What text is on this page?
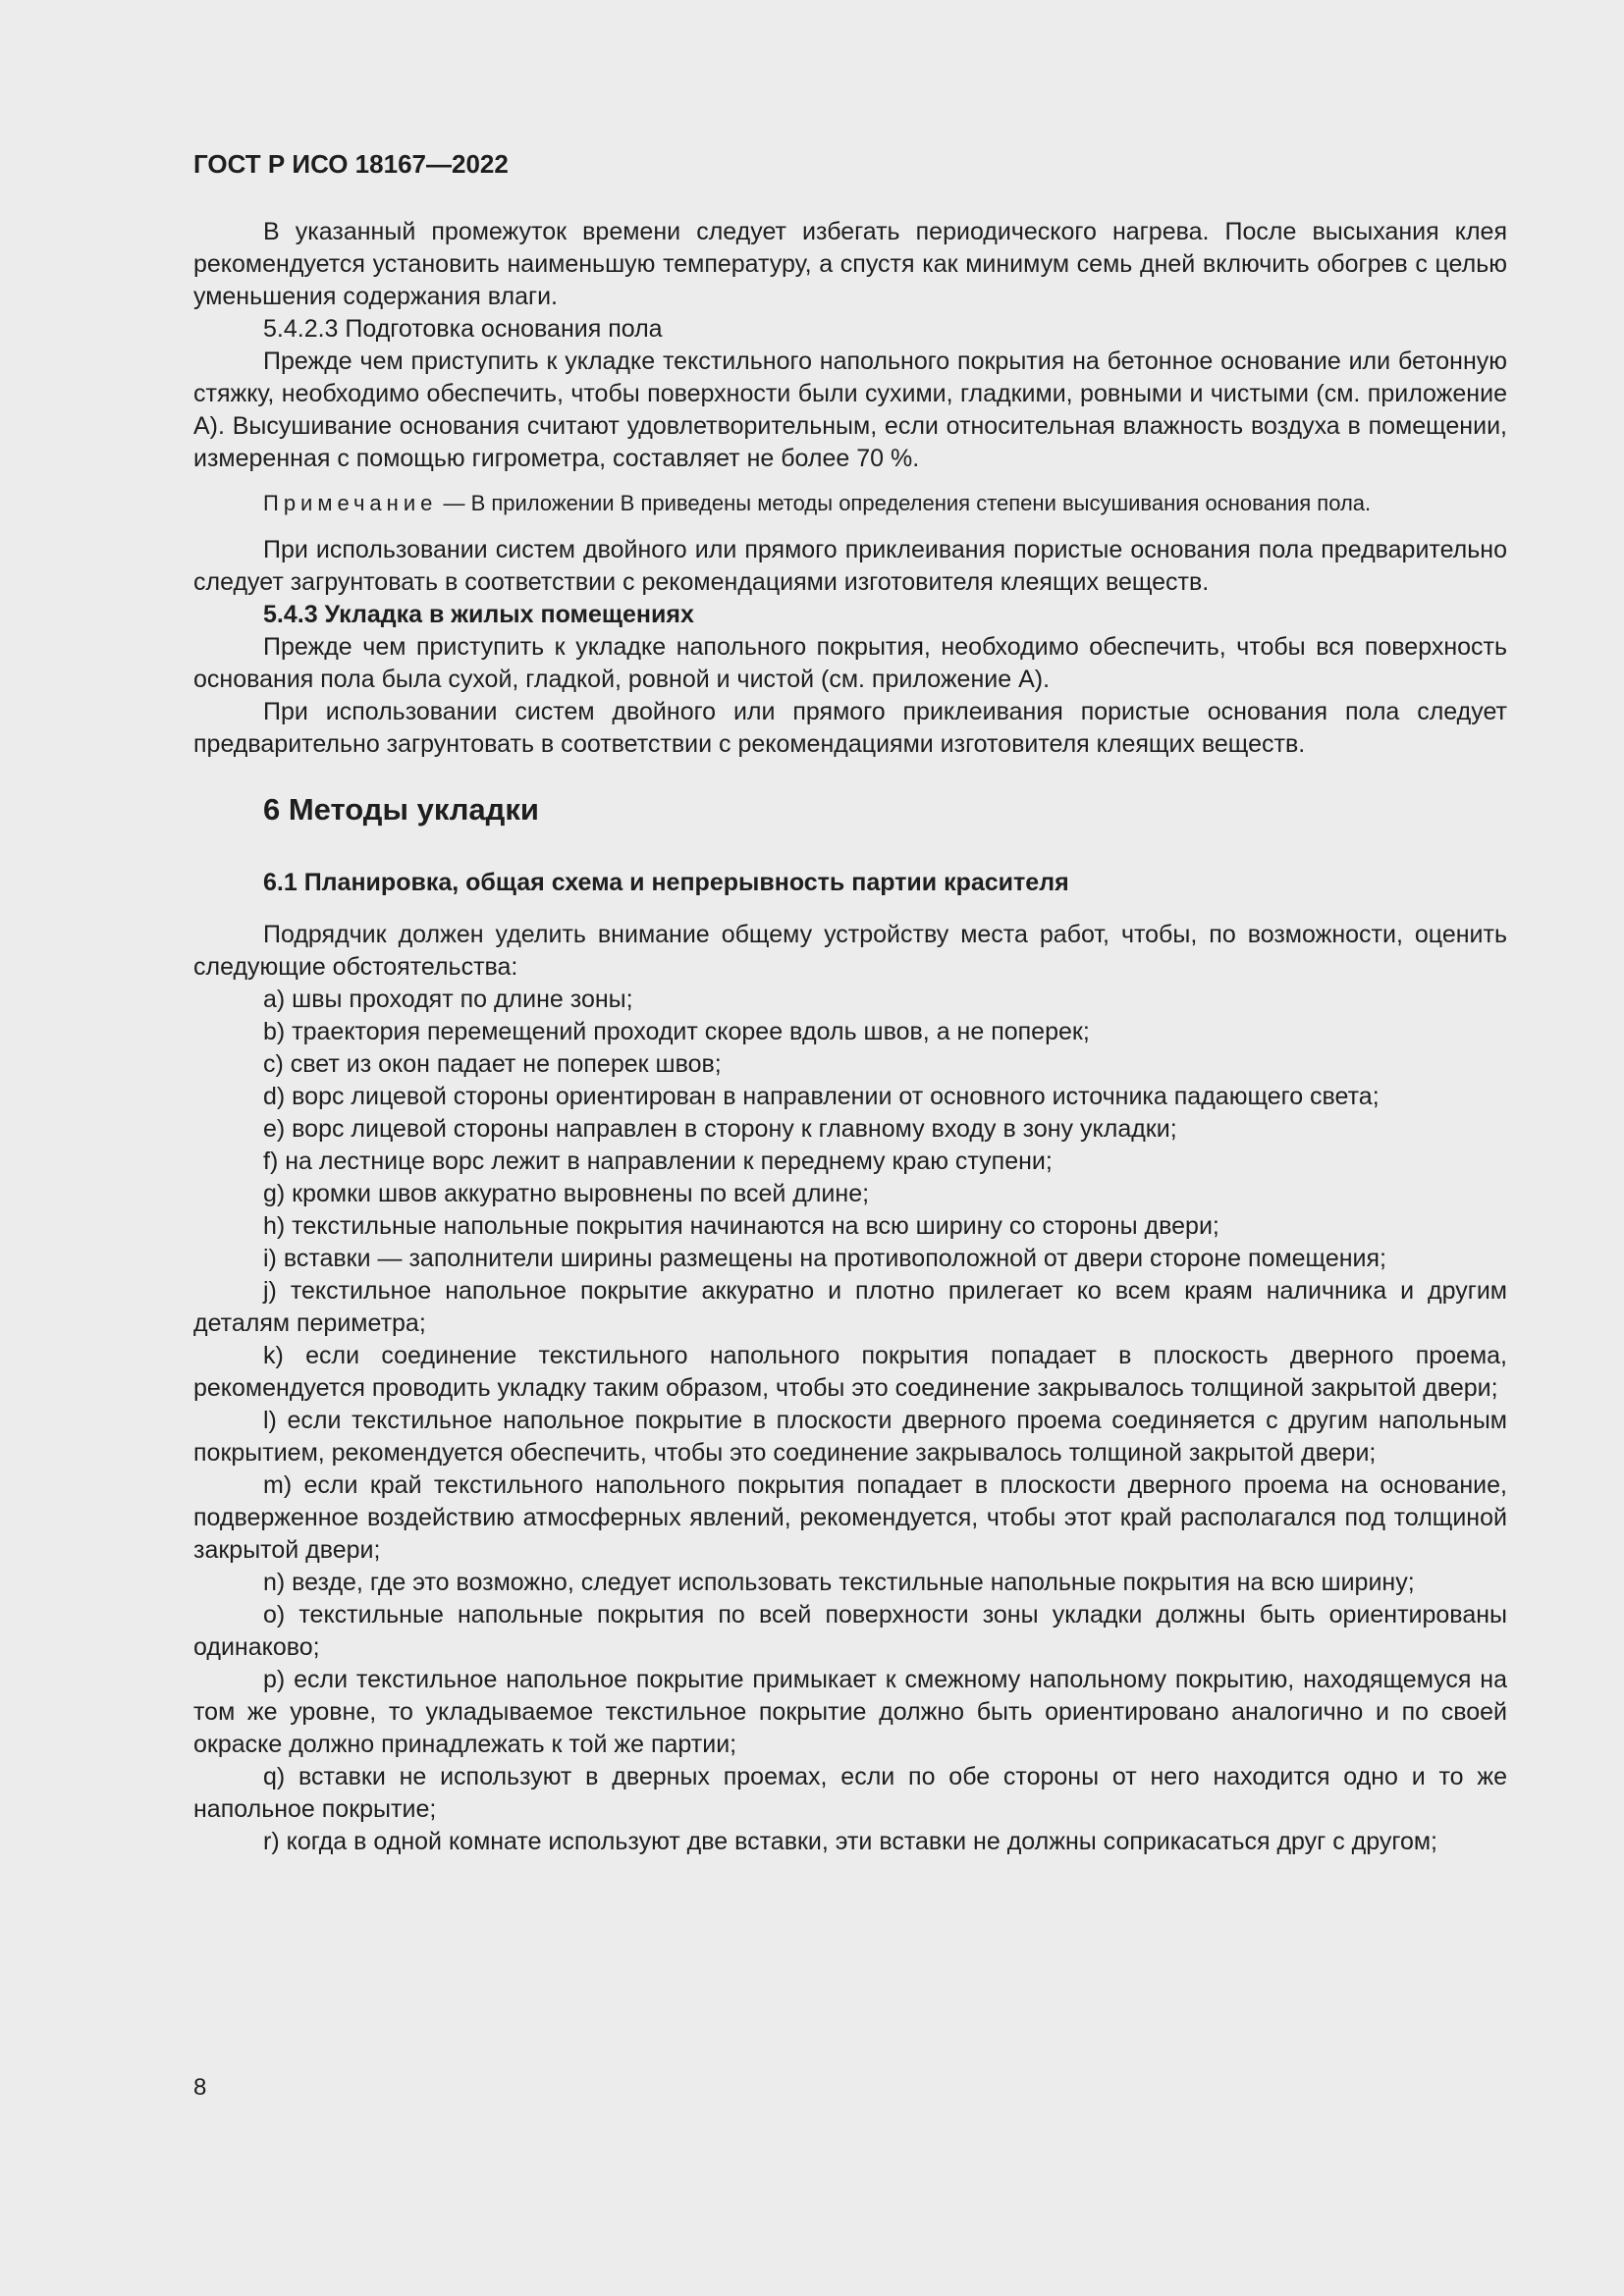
ГОСТ Р ИСО 18167—2022

В указанный промежуток времени следует избегать периодического нагрева. После высыхания клея рекомендуется установить наименьшую температуру, а спустя как минимум семь дней включить обогрев с целью уменьшения содержания влаги.

5.4.2.3 Подготовка основания пола

Прежде чем приступить к укладке текстильного напольного покрытия на бетонное основание или бетонную стяжку, необходимо обеспечить, чтобы поверхности были сухими, гладкими, ровными и чистыми (см. приложение А). Высушивание основания считают удовлетворительным, если относительная влажность воздуха в помещении, измеренная с помощью гигрометра, составляет не более 70 %.

Примечание — В приложении В приведены методы определения степени высушивания основания пола.

При использовании систем двойного или прямого приклеивания пористые основания пола предварительно следует загрунтовать в соответствии с рекомендациями изготовителя клеящих веществ.

5.4.3 Укладка в жилых помещениях

Прежде чем приступить к укладке напольного покрытия, необходимо обеспечить, чтобы вся поверхность основания пола была сухой, гладкой, ровной и чистой (см. приложение А).

При использовании систем двойного или прямого приклеивания пористые основания пола следует предварительно загрунтовать в соответствии с рекомендациями изготовителя клеящих веществ.

6 Методы укладки
6.1 Планировка, общая схема и непрерывность партии красителя

Подрядчик должен уделить внимание общему устройству места работ, чтобы, по возможности, оценить следующие обстоятельства:

a) швы проходят по длине зоны;

b) траектория перемещений проходит скорее вдоль швов, а не поперек;

c) свет из окон падает не поперек швов;

d) ворс лицевой стороны ориентирован в направлении от основного источника падающего света;

e) ворс лицевой стороны направлен в сторону к главному входу в зону укладки;

f) на лестнице ворс лежит в направлении к переднему краю ступени;

g) кромки швов аккуратно выровнены по всей длине;

h) текстильные напольные покрытия начинаются на всю ширину со стороны двери;

i) вставки — заполнители ширины размещены на противоположной от двери стороне помещения;

j) текстильное напольное покрытие аккуратно и плотно прилегает ко всем краям наличника и другим деталям периметра;

k) если соединение текстильного напольного покрытия попадает в плоскость дверного проема, рекомендуется проводить укладку таким образом, чтобы это соединение закрывалось толщиной закрытой двери;

l) если текстильное напольное покрытие в плоскости дверного проема соединяется с другим напольным покрытием, рекомендуется обеспечить, чтобы это соединение закрывалось толщиной закрытой двери;

m) если край текстильного напольного покрытия попадает в плоскости дверного проема на основание, подверженное воздействию атмосферных явлений, рекомендуется, чтобы этот край располагался под толщиной закрытой двери;

n) везде, где это возможно, следует использовать текстильные напольные покрытия на всю ширину;

o) текстильные напольные покрытия по всей поверхности зоны укладки должны быть ориентированы одинаково;

p) если текстильное напольное покрытие примыкает к смежному напольному покрытию, находящемуся на том же уровне, то укладываемое текстильное покрытие должно быть ориентировано аналогично и по своей окраске должно принадлежать к той же партии;

q) вставки не используют в дверных проемах, если по обе стороны от него находится одно и то же напольное покрытие;

r) когда в одной комнате используют две вставки, эти вставки не должны соприкасаться друг с другом;

8
